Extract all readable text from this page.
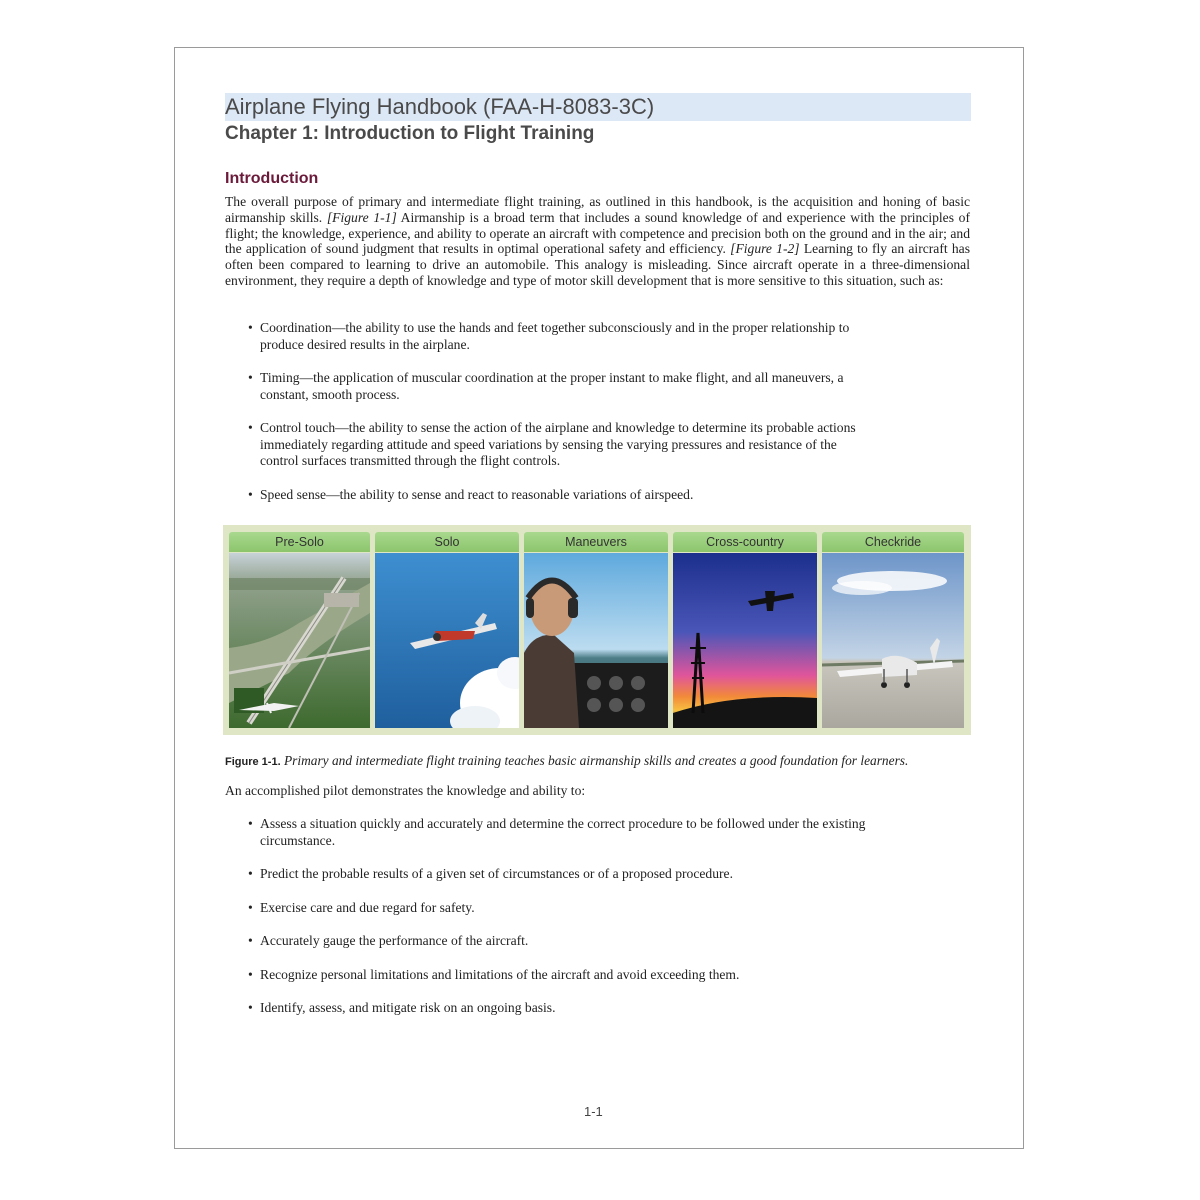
Airplane Flying Handbook (FAA-H-8083-3C)
Chapter 1: Introduction to Flight Training
Introduction

The overall purpose of primary and intermediate flight training, as outlined in this handbook, is the acquisition and honing of basic airmanship skills. [Figure 1-1] Airmanship is a broad term that includes a sound knowledge of and experience with the principles of flight; the knowledge, experience, and ability to operate an aircraft with competence and precision both on the ground and in the air; and the application of sound judgment that results in optimal operational safety and efficiency. [Figure 1-2] Learning to fly an aircraft has often been compared to learning to drive an automobile. This analogy is misleading. Since aircraft operate in a three-dimensional environment, they require a depth of knowledge and type of motor skill development that is more sensitive to this situation, such as:

• Coordination—the ability to use the hands and feet together subconsciously and in the proper relationship to produce desired results in the airplane.
• Timing—the application of muscular coordination at the proper instant to make flight, and all maneuvers, a constant, smooth process.
• Control touch—the ability to sense the action of the airplane and knowledge to determine its probable actions immediately regarding attitude and speed variations by sensing the varying pressures and resistance of the control surfaces transmitted through the flight controls.
• Speed sense—the ability to sense and react to reasonable variations of airspeed.
Pre-Solo	Solo	Maneuvers	Cross-country	Checkride
Figure 1-1. Primary and intermediate flight training teaches basic airmanship skills and creates a good foundation for learners.
An accomplished pilot demonstrates the knowledge and ability to:
• Assess a situation quickly and accurately and determine the correct procedure to be followed under the existing circumstance.
• Predict the probable results of a given set of circumstances or of a proposed procedure.
• Exercise care and due regard for safety.
• Accurately gauge the performance of the aircraft.
• Recognize personal limitations and limitations of the aircraft and avoid exceeding them.
• Identify, assess, and mitigate risk on an ongoing basis.
1-1
